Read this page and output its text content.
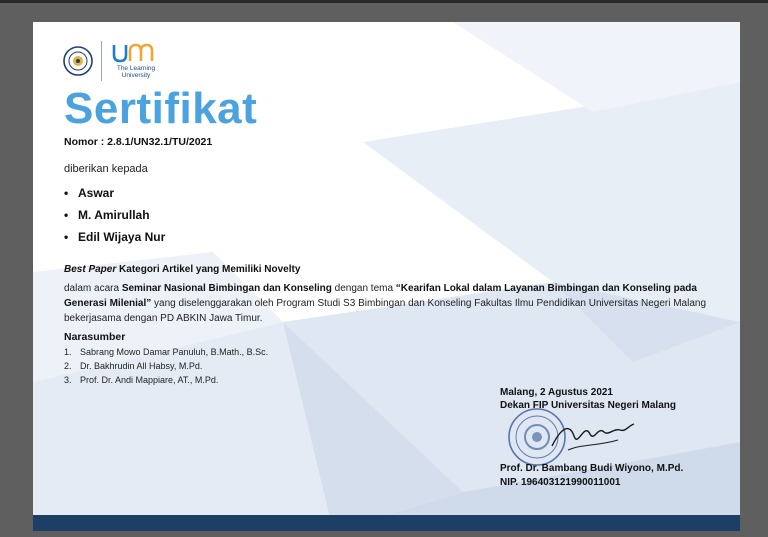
The Learning
University
Sertifikat
Nomor : 2.8.1/UN32.1/TU/2021
diberikan kepada
• Aswar
• M. Amirullah
• Edil Wijaya Nur
Best Paper Kategori Artikel yang Memiliki Novelty
dalam acara Seminar Nasional Bimbingan dan Konseling dengan tema “Kearifan Lokal dalam Layanan Bimbingan dan Konseling pada Generasi Milenial” yang diselenggarakan oleh Program Studi S3 Bimbingan dan Konseling Fakultas Ilmu Pendidikan Universitas Negeri Malang bekerjasama dengan PD ABKIN Jawa Timur.
Narasumber
1. Sabrang Mowo Damar Panuluh, B.Math., B.Sc.
2. Dr. Bakhrudin All Habsy, M.Pd.
3. Prof. Dr. Andi Mappiare, AT., M.Pd.
Malang, 2 Agustus 2021
Dekan FIP Universitas Negeri Malang
Prof. Dr. Bambang Budi Wiyono, M.Pd.
NIP. 196403121990011001
